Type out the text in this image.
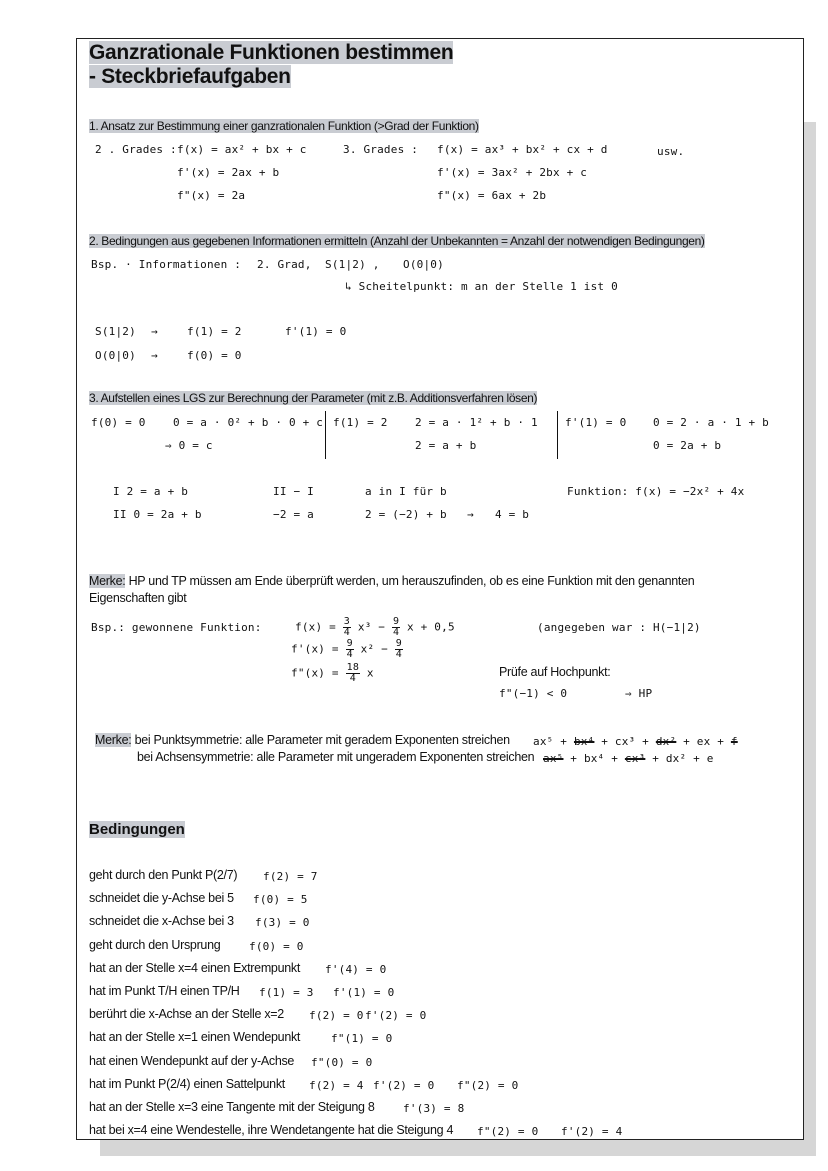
Ganzrationale Funktionen bestimmen
- Steckbriefaufgaben
1. Ansatz zur Bestimmung einer ganzrationalen Funktion (>Grad der Funktion)
2 . Grades : f(x) = ax² + bx + c
f'(x) = 2ax + b
f"(x) = 2a
3. Grades : f(x) = ax³ + bx² + cx + d
f'(x) = 3ax² + 2bx + c
f"(x) = 6ax + 2b
usw.
2. Bedingungen aus gegebenen Informationen ermitteln (Anzahl der Unbekannten = Anzahl der notwendigen Bedingungen)
Bsp. · Informationen : 2. Grad, S(1|2) , O(0|0)
↳ Scheitelpunkt: m an der Stelle 1 ist 0
S(1|2) →	f(1) = 2	f'(1) = 0
O(0|0) →	f(0) = 0
3. Aufstellen eines LGS zur Berechnung der Parameter (mit z.B. Additionsverfahren lösen)
f(0) = 0 0 = a · 0² + b · 0 + c
⇒ 0 = c
f(1) = 2 2 = a · 1² + b · 1
2 = a + b
f'(1) = 0 0 = 2 · a · 1 + b
0 = 2a + b
I 2 = a + b
II 0 = 2a + b
II − I
−2 = a
a in I für b
2 = (−2) + b → 4 = b
Funktion: f(x) = −2x² + 4x
Merke: HP und TP müssen am Ende überprüft werden, um herauszufinden, ob es eine Funktion mit den genannten
Eigenschaften gibt
Bsp.: gewonnene Funktion:	$f(x) = \frac{3}{4} x^3 - \frac{9}{4}$ x + 0,5
$f'(x) = \frac{9}{4} x^2 - \frac{9}{4}$
f"(x) = $\frac{18}{4}$ x
(angegeben war : H(−1|2)
Prüfe auf Hochpunkt:
f"(−1) < 0	⇒ HP
Merke: bei Punktsymmetrie: alle Parameter mit geradem Exponenten streichen
bei Achsensymmetrie: alle Parameter mit ungeradem Exponenten streichen
ax⁵ + bx⁴ + cx³ + dx² + ex + f
ax⁵ + bx⁴ + cx³ + dx² + e
Bedingungen
geht durch den Punkt P(2/7) f(2) = 7
schneidet die y-Achse bei 5 f(0) = 5
schneidet die x-Achse bei 3 f(3) = 0
geht durch den Ursprung	f(0) = 0
hat an der Stelle x=4 einen Extrempunkt f'(4) = 0
hat im Punkt T/H einen TP/H f(1) = 3 f'(1) = 0
berührt die x-Achse an der Stelle x=2 f(2) = 0 f'(2) = 0
hat an der Stelle x=1 einen Wendepunkt	f"(1) = 0
hat einen Wendepunkt auf der y-Achse f"(0) = 0
hat im Punkt P(2/4) einen Sattelpunkt f(2) = 4 f'(2) = 0 f"(2) = 0
hat an der Stelle x=3 eine Tangente mit der Steigung 8	f'(3) = 8
hat bei x=4 eine Wendestelle, ihre Wendetangente hat die Steigung 4 f"(2) = 0 f'(2) = 4
